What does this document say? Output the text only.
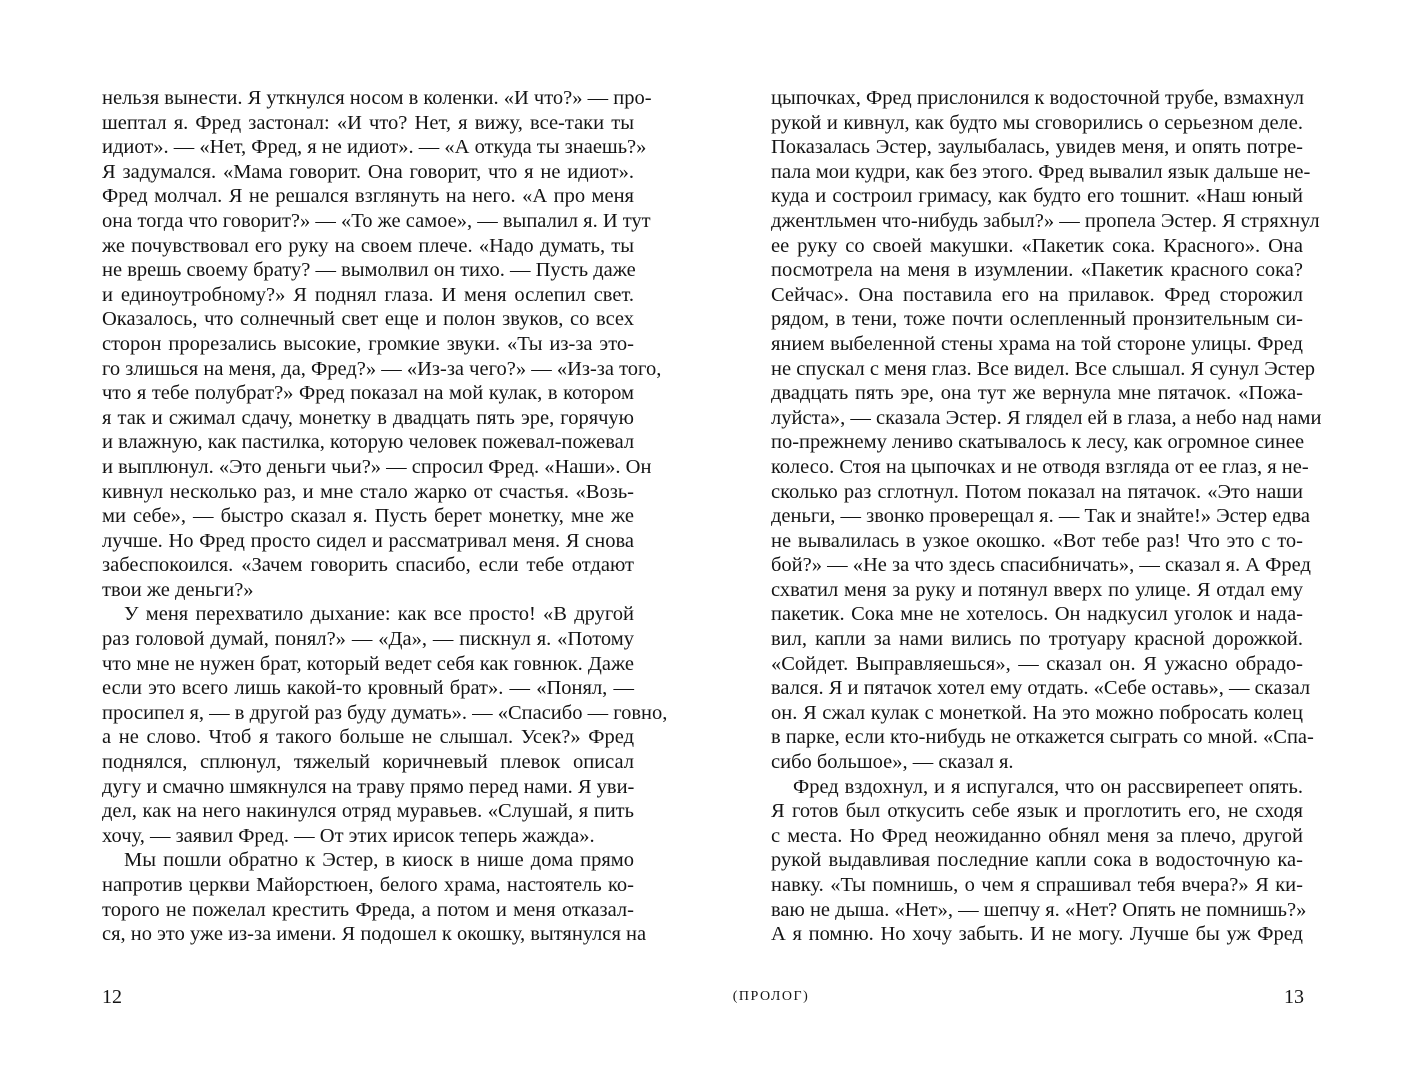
нельзя вынести. Я уткнулся носом в коленки. «И что?» — про-
шептал я. Фред застонал: «И что? Нет, я вижу, все-таки ты
идиот». — «Нет, Фред, я не идиот». — «А откуда ты знаешь?»
Я задумался. «Мама говорит. Она говорит, что я не идиот».
Фред молчал. Я не решался взглянуть на него. «А про меня
она тогда что говорит?» — «То же самое», — выпалил я. И тут
же почувствовал его руку на своем плече. «Надо думать, ты
не врешь своему брату? — вымолвил он тихо. — Пусть даже
и единоутробному?» Я поднял глаза. И меня ослепил свет.
Оказалось, что солнечный свет еще и полон звуков, со всех
сторон прорезались высокие, громкие звуки. «Ты из-за это-
го злишься на меня, да, Фред?» — «Из-за чего?» — «Из-за того,
что я тебе полубрат?» Фред показал на мой кулак, в котором
я так и сжимал сдачу, монетку в двадцать пять эре, горячую
и влажную, как пастилка, которую человек пожевал-пожевал
и выплюнул. «Это деньги чьи?» — спросил Фред. «Наши». Он
кивнул несколько раз, и мне стало жарко от счастья. «Возь-
ми себе», — быстро сказал я. Пусть берет монетку, мне же
лучше. Но Фред просто сидел и рассматривал меня. Я снова
забеспокоился. «Зачем говорить спасибо, если тебе отдают
твои же деньги?»
У меня перехватило дыхание: как все просто! «В другой
раз головой думай, понял?» — «Да», — пискнул я. «Потому
что мне не нужен брат, который ведет себя как говнюк. Даже
если это всего лишь какой-то кровный брат». — «Понял, —
просипел я, — в другой раз буду думать». — «Спасибо — говно,
а не слово. Чтоб я такого больше не слышал. Усек?» Фред
поднялся, сплюнул, тяжелый коричневый плевок описал
дугу и смачно шмякнулся на траву прямо перед нами. Я уви-
дел, как на него накинулся отряд муравьев. «Слушай, я пить
хочу, — заявил Фред. — От этих ирисок теперь жажда».
Мы пошли обратно к Эстер, в киоск в нише дома прямо
напротив церкви Майорстюен, белого храма, настоятель ко-
торого не пожелал крестить Фреда, а потом и меня отказал-
ся, но это уже из-за имени. Я подошел к окошку, вытянулся на
12
цыпочках, Фред прислонился к водосточной трубе, взмахнул
рукой и кивнул, как будто мы сговорились о серьезном деле.
Показалась Эстер, заулыбалась, увидев меня, и опять потре-
пала мои кудри, как без этого. Фред вывалил язык дальше не-
куда и состроил гримасу, как будто его тошнит. «Наш юный
джентльмен что-нибудь забыл?» — пропела Эстер. Я стряхнул
ее руку со своей макушки. «Пакетик сока. Красного». Она
посмотрела на меня в изумлении. «Пакетик красного сока?
Сейчас». Она поставила его на прилавок. Фред сторожил
рядом, в тени, тоже почти ослепленный пронзительным си-
янием выбеленной стены храма на той стороне улицы. Фред
не спускал с меня глаз. Все видел. Все слышал. Я сунул Эстер
двадцать пять эре, она тут же вернула мне пятачок. «Пожа-
луйста», — сказала Эстер. Я глядел ей в глаза, а небо над нами
по-прежнему лениво скатывалось к лесу, как огромное синее
колесо. Стоя на цыпочках и не отводя взгляда от ее глаз, я не-
сколько раз сглотнул. Потом показал на пятачок. «Это наши
деньги, — звонко проверещал я. — Так и знайте!» Эстер едва
не вывалилась в узкое окошко. «Вот тебе раз! Что это с то-
бой?» — «Не за что здесь спасибничать», — сказал я. А Фред
схватил меня за руку и потянул вверх по улице. Я отдал ему
пакетик. Сока мне не хотелось. Он надкусил уголок и нада-
вил, капли за нами вились по тротуару красной дорожкой.
«Сойдет. Выправляешься», — сказал он. Я ужасно обрадо-
вался. Я и пятачок хотел ему отдать. «Себе оставь», — сказал
он. Я сжал кулак с монеткой. На это можно побросать колец
в парке, если кто-нибудь не откажется сыграть со мной. «Спа-
сибо большое», — сказал я.
Фред вздохнул, и я испугался, что он рассвирепеет опять.
Я готов был откусить себе язык и проглотить его, не сходя
с места. Но Фред неожиданно обнял меня за плечо, другой
рукой выдавливая последние капли сока в водосточную ка-
навку. «Ты помнишь, о чем я спрашивал тебя вчера?» Я ки-
ваю не дыша. «Нет», — шепчу я. «Нет? Опять не помнишь?»
А я помню. Но хочу забыть. И не могу. Лучше бы уж Фред
(ПРОЛОГ)	13
